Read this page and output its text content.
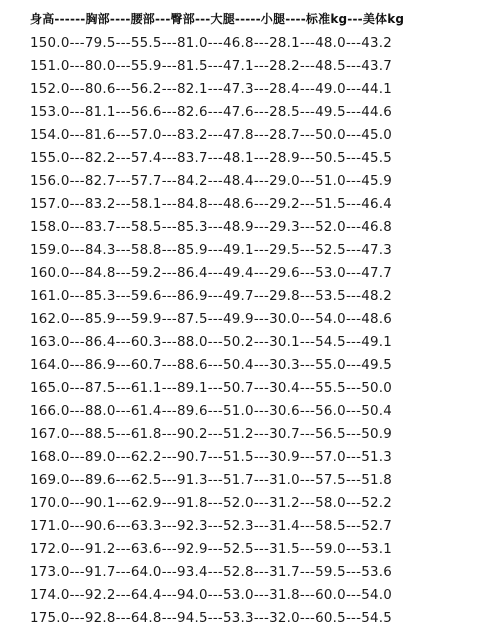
身高------胸部----腰部---臀部---大腿-----小腿----标准kg---美体kg
150.0---79.5---55.5---81.0---46.8---28.1---48.0---43.2
151.0---80.0---55.9---81.5---47.1---28.2---48.5---43.7
152.0---80.6---56.2---82.1---47.3---28.4---49.0---44.1
153.0---81.1---56.6---82.6---47.6---28.5---49.5---44.6
154.0---81.6---57.0---83.2---47.8---28.7---50.0---45.0
155.0---82.2---57.4---83.7---48.1---28.9---50.5---45.5
156.0---82.7---57.7---84.2---48.4---29.0---51.0---45.9
157.0---83.2---58.1---84.8---48.6---29.2---51.5---46.4
158.0---83.7---58.5---85.3---48.9---29.3---52.0---46.8
159.0---84.3---58.8---85.9---49.1---29.5---52.5---47.3
160.0---84.8---59.2---86.4---49.4---29.6---53.0---47.7
161.0---85.3---59.6---86.9---49.7---29.8---53.5---48.2
162.0---85.9---59.9---87.5---49.9---30.0---54.0---48.6
163.0---86.4---60.3---88.0---50.2---30.1---54.5---49.1
164.0---86.9---60.7---88.6---50.4---30.3---55.0---49.5
165.0---87.5---61.1---89.1---50.7---30.4---55.5---50.0
166.0---88.0---61.4---89.6---51.0---30.6---56.0---50.4
167.0---88.5---61.8---90.2---51.2---30.7---56.5---50.9
168.0---89.0---62.2---90.7---51.5---30.9---57.0---51.3
169.0---89.6---62.5---91.3---51.7---31.0---57.5---51.8
170.0---90.1---62.9---91.8---52.0---31.2---58.0---52.2
171.0---90.6---63.3---92.3---52.3---31.4---58.5---52.7
172.0---91.2---63.6---92.9---52.5---31.5---59.0---53.1
173.0---91.7---64.0---93.4---52.8---31.7---59.5---53.6
174.0---92.2---64.4---94.0---53.0---31.8---60.0---54.0
175.0---92.8---64.8---94.5---53.3---32.0---60.5---54.5
